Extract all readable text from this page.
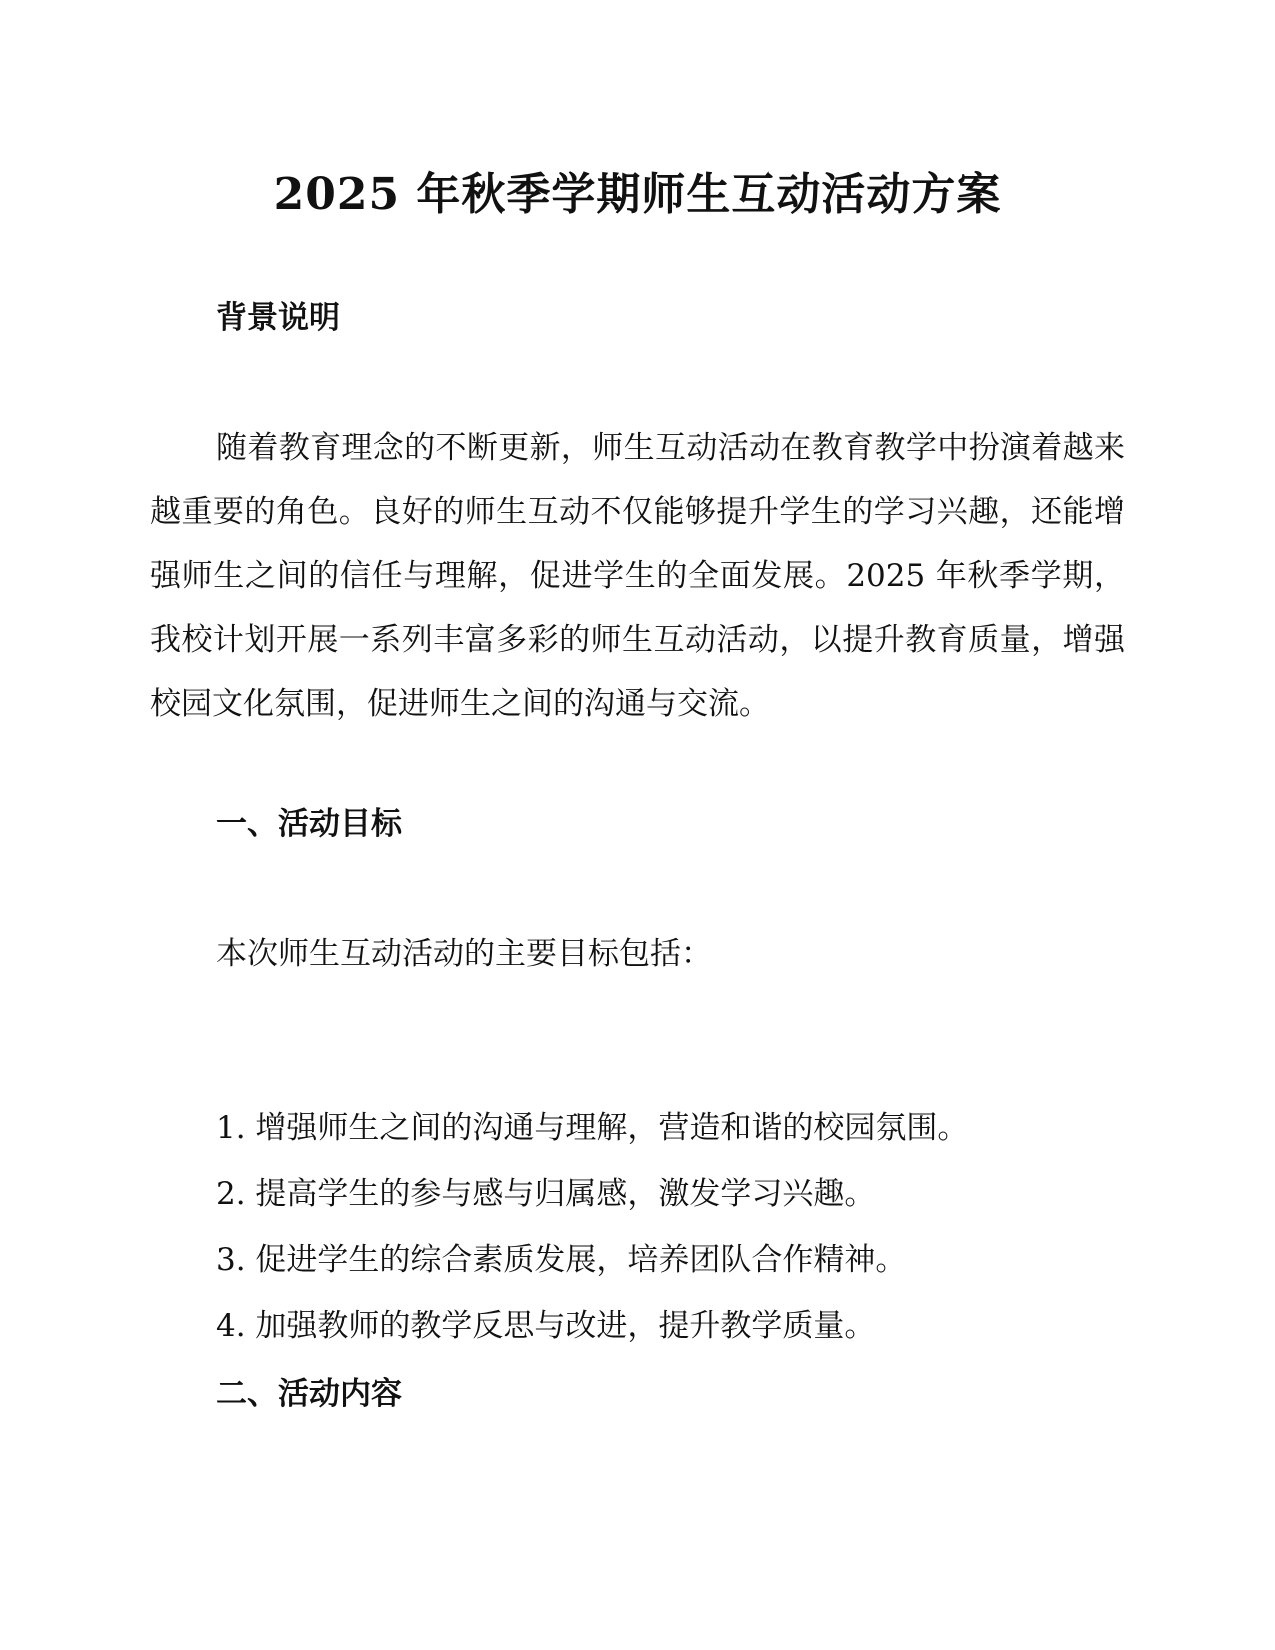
2025 年秋季学期师生互动活动方案
背景说明

随着教育理念的不断更新，师生互动活动在教育教学中扮演着越来越重要的角色。良好的师生互动不仅能够提升学生的学习兴趣，还能增强师生之间的信任与理解，促进学生的全面发展。2025 年秋季学期，我校计划开展一系列丰富多彩的师生互动活动，以提升教育质量，增强校园文化氛围，促进师生之间的沟通与交流。

一、活动目标

本次师生互动活动的主要目标包括：

1. 增强师生之间的沟通与理解，营造和谐的校园氛围。
2. 提高学生的参与感与归属感，激发学习兴趣。
3. 促进学生的综合素质发展，培养团队合作精神。
4. 加强教师的教学反思与改进，提升教学质量。
二、活动内容
